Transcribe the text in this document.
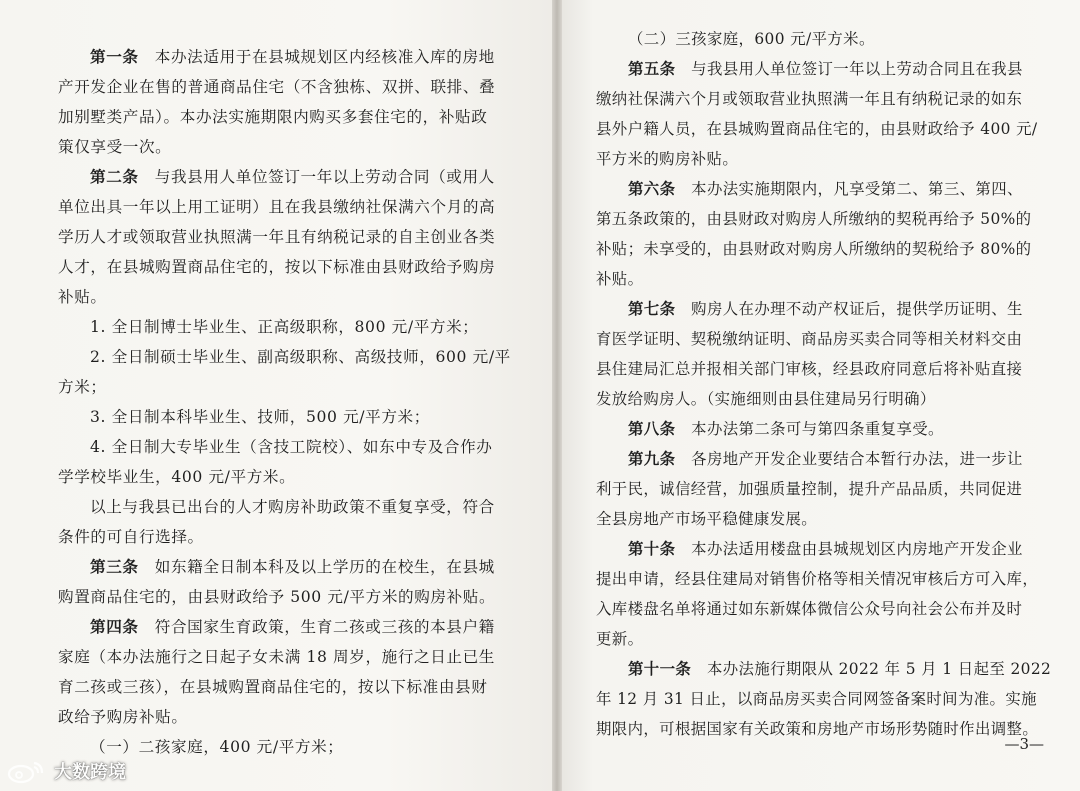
第一条　本办法适用于在县城规划区内经核准入库的房地
产开发企业在售的普通商品住宅（不含独栋、双拼、联排、叠
加别墅类产品）。本办法实施期限内购买多套住宅的，补贴政
策仅享受一次。
第二条　与我县用人单位签订一年以上劳动合同（或用人
单位出具一年以上用工证明）且在我县缴纳社保满六个月的高
学历人才或领取营业执照满一年且有纳税记录的自主创业各类
人才，在县城购置商品住宅的，按以下标准由县财政给予购房
补贴。
1. 全日制博士毕业生、正高级职称，800 元/平方米；
2. 全日制硕士毕业生、副高级职称、高级技师，600 元/平
方米；
3. 全日制本科毕业生、技师，500 元/平方米；
4. 全日制大专毕业生（含技工院校）、如东中专及合作办
学学校毕业生，400 元/平方米。
以上与我县已出台的人才购房补助政策不重复享受，符合
条件的可自行选择。
第三条　如东籍全日制本科及以上学历的在校生，在县城
购置商品住宅的，由县财政给予 500 元/平方米的购房补贴。
第四条　符合国家生育政策，生育二孩或三孩的本县户籍
家庭（本办法施行之日起子女未满 18 周岁，施行之日止已生
育二孩或三孩），在县城购置商品住宅的，按以下标准由县财
政给予购房补贴。
（一）二孩家庭，400 元/平方米；
（二）三孩家庭，600 元/平方米。
第五条　与我县用人单位签订一年以上劳动合同且在我县
缴纳社保满六个月或领取营业执照满一年且有纳税记录的如东
县外户籍人员，在县城购置商品住宅的，由县财政给予 400 元/
平方米的购房补贴。
第六条　本办法实施期限内，凡享受第二、第三、第四、
第五条政策的，由县财政对购房人所缴纳的契税再给予 50%的
补贴；未享受的，由县财政对购房人所缴纳的契税给予 80%的
补贴。
第七条　购房人在办理不动产权证后，提供学历证明、生
育医学证明、契税缴纳证明、商品房买卖合同等相关材料交由
县住建局汇总并报相关部门审核，经县政府同意后将补贴直接
发放给购房人。（实施细则由县住建局另行明确）
第八条　本办法第二条可与第四条重复享受。
第九条　各房地产开发企业要结合本暂行办法，进一步让
利于民，诚信经营，加强质量控制，提升产品品质，共同促进
全县房地产市场平稳健康发展。
第十条　本办法适用楼盘由县城规划区内房地产开发企业
提出申请，经县住建局对销售价格等相关情况审核后方可入库，
入库楼盘名单将通过如东新媒体微信公众号向社会公布并及时
更新。
第十一条　本办法施行期限从 2022 年 5 月 1 日起至 2022
年 12 月 31 日止，以商品房买卖合同网签备案时间为准。实施
期限内，可根据国家有关政策和房地产市场形势随时作出调整。
—3—
大数跨境
